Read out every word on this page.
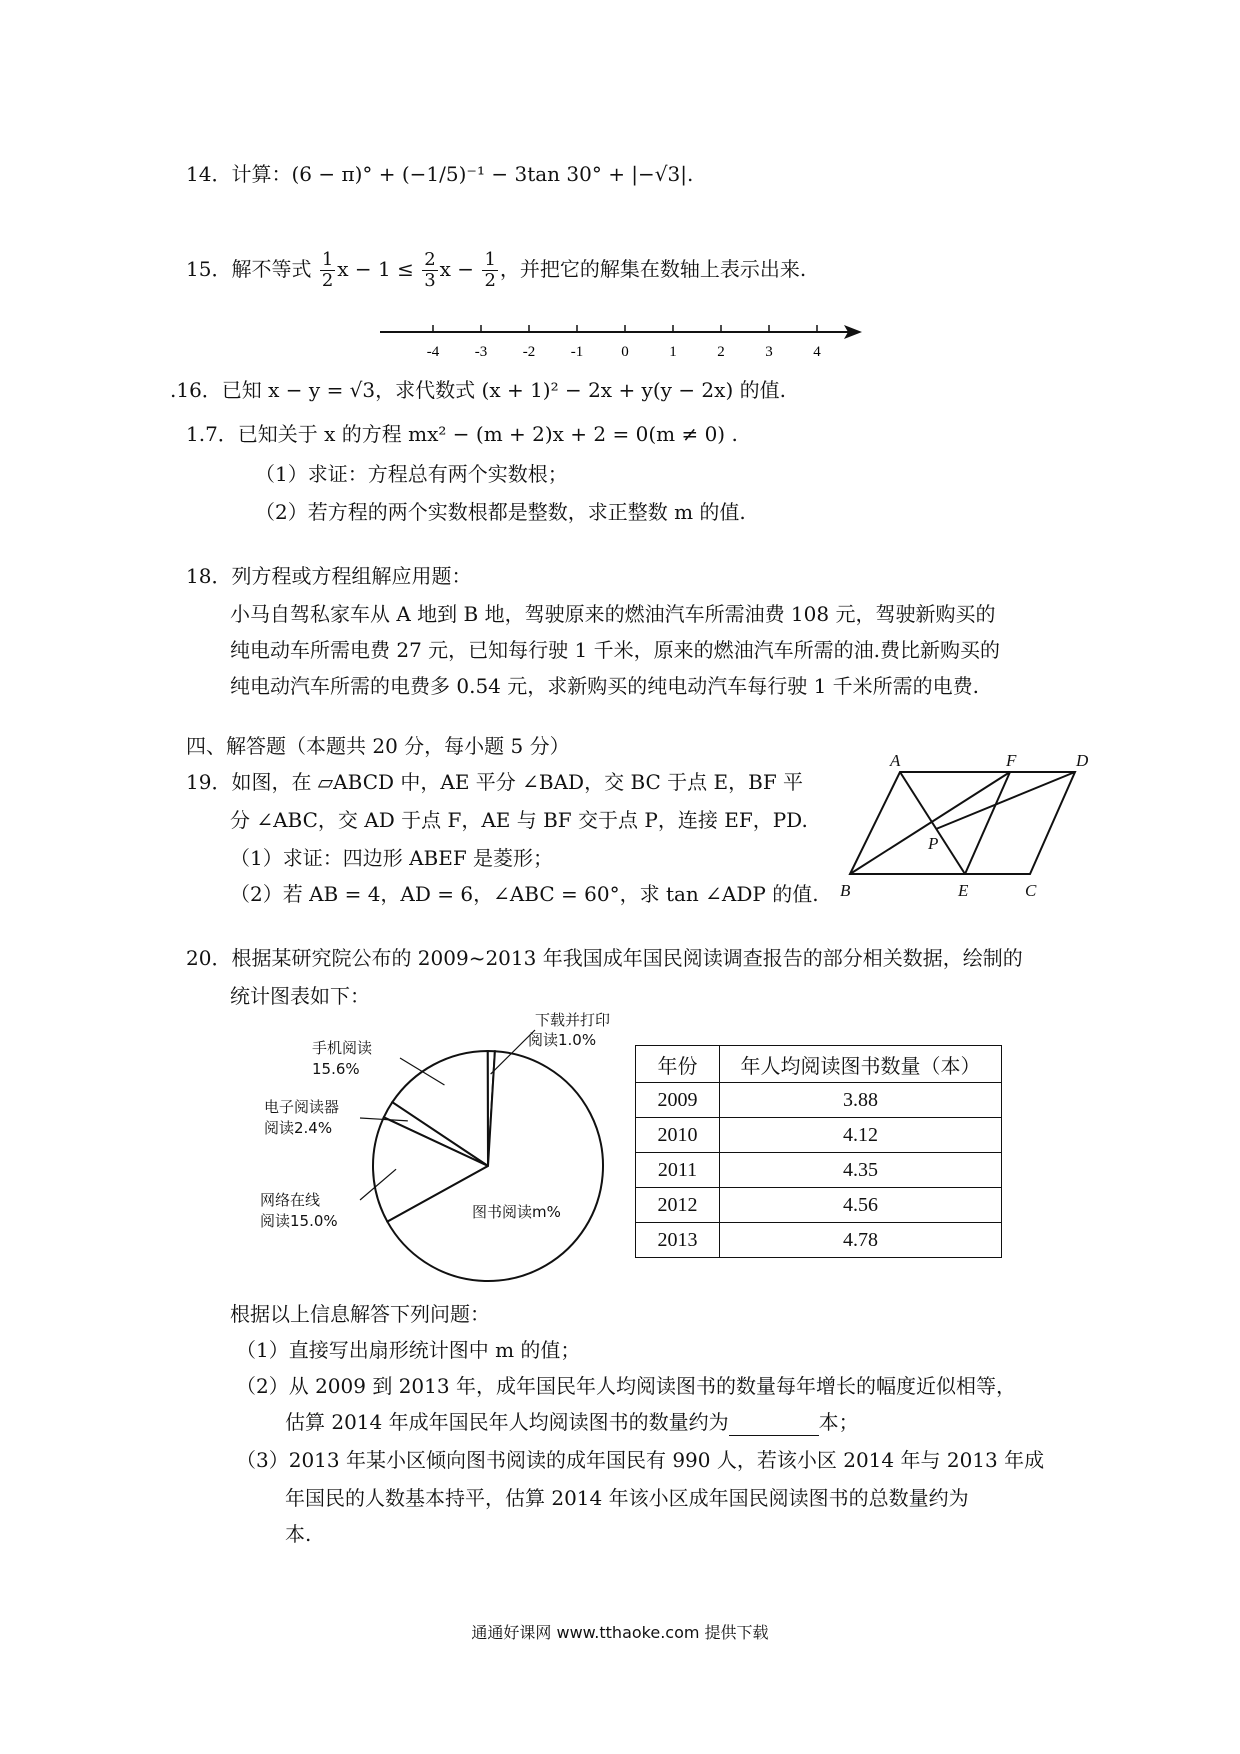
14．计算：(6 − π)° + (−1/5)⁻¹ − 3tan 30° + |−√3|.
15．解不等式 $\frac{1}{2}$ $x - 1 \le \frac{2}{3}$ $x - \frac{1}{2}$ ，并把它的解集在数轴上表示出来.
-4 -3 -2 -1	0	1	2	3	4
.16．已知 x − y = √3，求代数式 (x + 1)² − 2x + y(y − 2x) 的值.
1.7．已知关于 x 的方程 mx² − (m + 2)x + 2 = 0(m ≠ 0) .
（1）求证：方程总有两个实数根；
（2）若方程的两个实数根都是整数，求正整数 m 的值.
18．列方程或方程组解应用题：
小马自驾私家车从 A 地到 B 地，驾驶原来的燃油汽车所需油费 108 元，驾驶新购买的
纯电动车所需电费 27 元，已知每行驶 1 千米，原来的燃油汽车所需的油.费比新购买的
纯电动汽车所需的电费多 0.54 元，求新购买的纯电动汽车每行驶 1 千米所需的电费.
四、解答题（本题共 20 分，每小题 5 分）
19．如图，在 ▱ABCD 中，AE 平分 ∠BAD，交 BC 于点 E，BF 平
分 ∠ABC，交 AD 于点 F，AE 与 BF 交于点 P，连接 EF，PD.
（1）求证：四边形 ABEF 是菱形；
（2）若 AB = 4，AD = 6，∠ABC = 60°，求 tan ∠ADP 的值.
A	F	D
P
B	E	C
20．根据某研究院公布的 2009~2013 年我国成年国民阅读调查报告的部分相关数据，绘制的
统计图表如下：
下载并打印
阅读1.0%
手机阅读
15.6%
电子阅读器
阅读2.4%
网络在线
阅读15.0%	图书阅读m%
年份	年人均阅读图书数量（本）
2009	3.88
2010	4.12
2011	4.35
2012	4.56
2013	4.78
根据以上信息解答下列问题：
（1）直接写出扇形统计图中 m 的值；
（2）从 2009 到 2013 年，成年国民年人均阅读图书的数量每年增长的幅度近似相等，
估算 2014 年成年国民年人均阅读图书的数量约为	本；
（3）2013 年某小区倾向图书阅读的成年国民有 990 人，若该小区 2014 年与 2013 年成
年国民的人数基本持平，估算 2014 年该小区成年国民阅读图书的总数量约为
本.
通通好课网 www.tthaoke.com 提供下载
